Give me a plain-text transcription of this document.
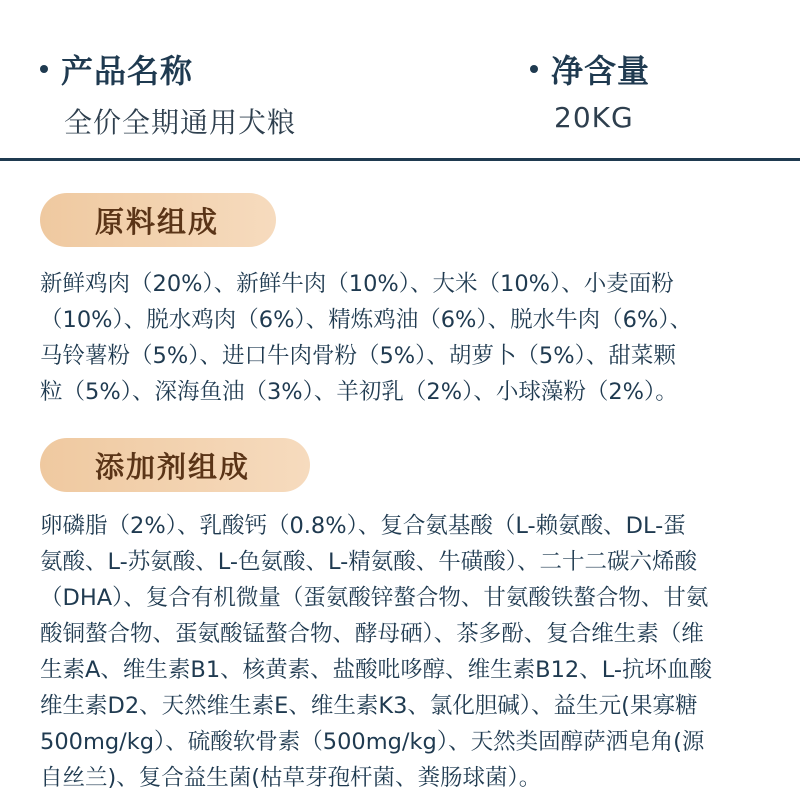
产品名称
全价全期通用犬粮
净含量
20KG
原料组成

新鲜鸡肉（20%）、新鲜牛肉（10%）、大米（10%）、小麦面粉
（10%）、脱水鸡肉（6%）、精炼鸡油（6%）、脱水牛肉（6%）、
马铃薯粉（5%）、进口牛肉骨粉（5%）、胡萝卜（5%）、甜菜颗
粒（5%）、深海鱼油（3%）、羊初乳（2%）、小球藻粉（2%）。

添加剂组成

卵磷脂（2%）、乳酸钙（0.8%）、复合氨基酸（L-赖氨酸、DL-蛋
氨酸、L-苏氨酸、L-色氨酸、L-精氨酸、牛磺酸）、二十二碳六烯酸
（DHA）、复合有机微量（蛋氨酸锌螯合物、甘氨酸铁螯合物、甘氨
酸铜螯合物、蛋氨酸锰螯合物、酵母硒）、茶多酚、复合维生素（维
生素A、维生素B1、核黄素、盐酸吡哆醇、维生素B12、L-抗坏血酸
维生素D2、天然维生素E、维生素K3、氯化胆碱）、益生元(果寡糖
500mg/kg）、硫酸软骨素（500mg/kg）、天然类固醇萨洒皂角(源
自丝兰)、复合益生菌(枯草芽孢杆菌、粪肠球菌）。
